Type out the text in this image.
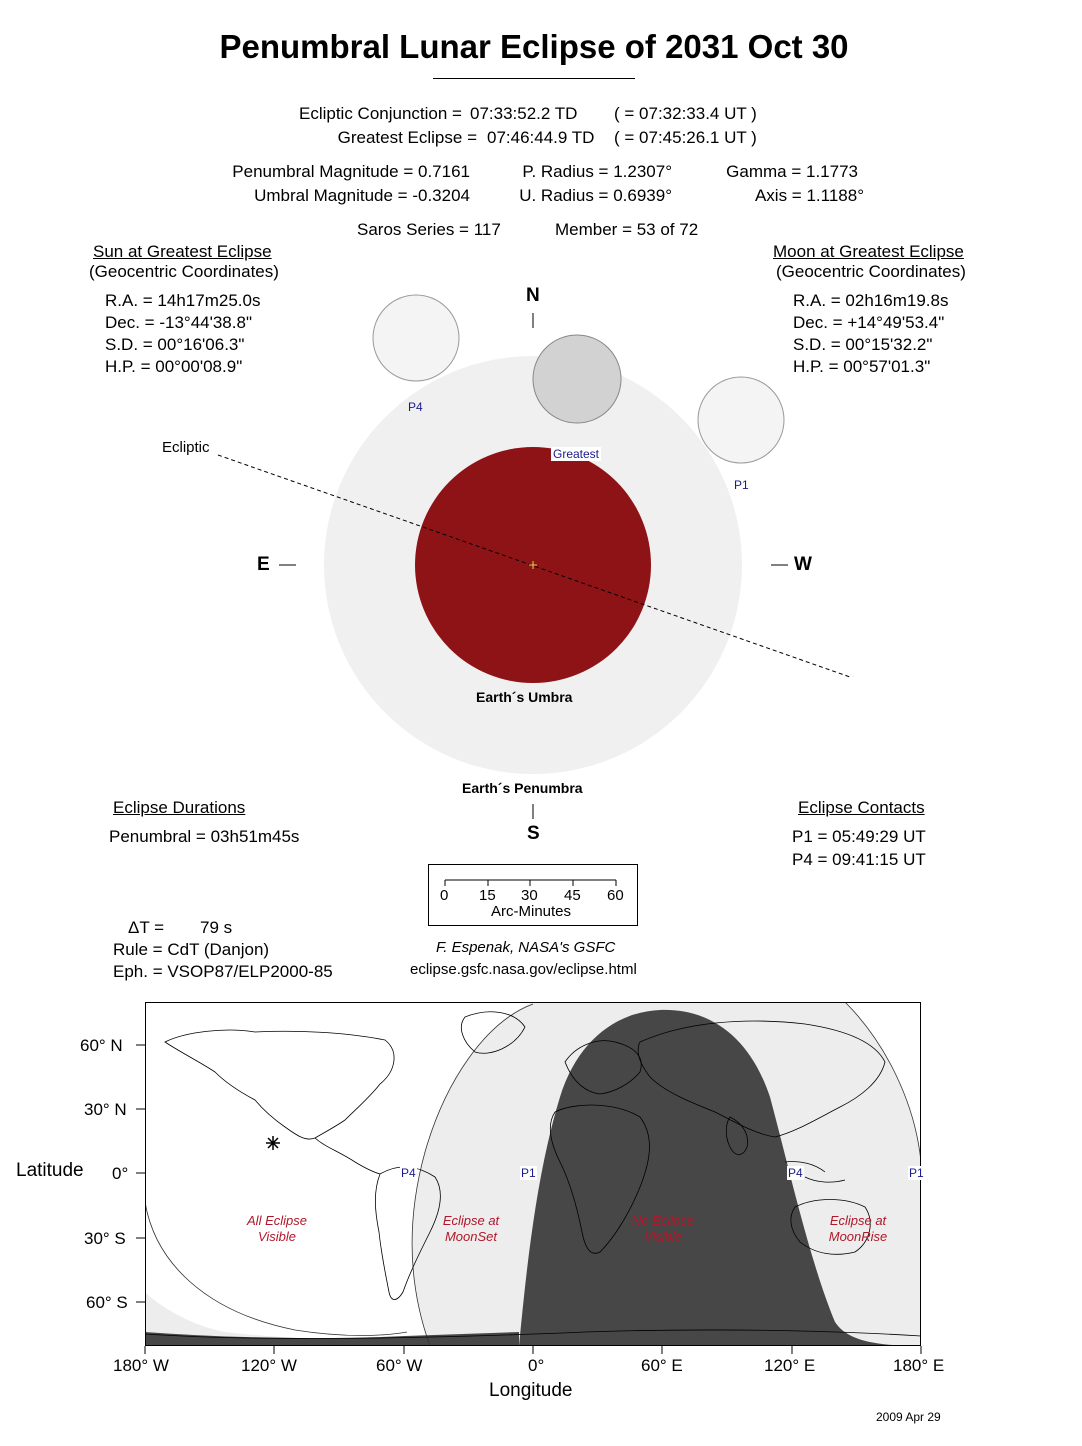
Penumbral Lunar Eclipse of 2031 Oct 30
Ecliptic Conjunction = 07:33:52.2 TD ( = 07:32:33.4 UT )
Greatest Eclipse = 07:46:44.9 TD ( = 07:45:26.1 UT )
Penumbral Magnitude = 0.7161
Umbral Magnitude = -0.3204
P. Radius = 1.2307°
U. Radius = 0.6939°
Gamma = 1.1773
Axis = 1.1188°
Saros Series = 117	Member = 53 of 72
Sun at Greatest Eclipse
(Geocentric Coordinates)
R.A. = 14h17m25.0s
Dec. = -13°44'38.8"
S.D. = 00°16'06.3"
H.P. = 00°00'08.9"
Moon at Greatest Eclipse
(Geocentric Coordinates)
R.A. = 02h16m19.8s
Dec. = +14°49'53.4"
S.D. = 00°15'32.2"
H.P. = 00°57'01.3"
N
S
E	W
Ecliptic
P4
P1
Greatest
Earth´s Umbra
Earth´s Penumbra
Eclipse Durations
Penumbral = 03h51m45s
Eclipse Contacts
P1 = 05:49:29 UT
P4 = 09:41:15 UT
0 15 30 45 60
Arc-Minutes
ΔT = 79 s
Rule = CdT (Danjon)
Eph. = VSOP87/ELP2000-85
F. Espenak, NASA's GSFC
eclipse.gsfc.nasa.gov/eclipse.html
60° N
30° N
0°
30° S
60° S
Latitude
180° W	120° W	60° W	0°	60° E	120° E	180° E
Longitude
P4	P1	P4	P1
All Eclipse
Visible
Eclipse at
MoonSet
No Eclipse
Visible
Eclipse at
MoonRise
2009 Apr 29
